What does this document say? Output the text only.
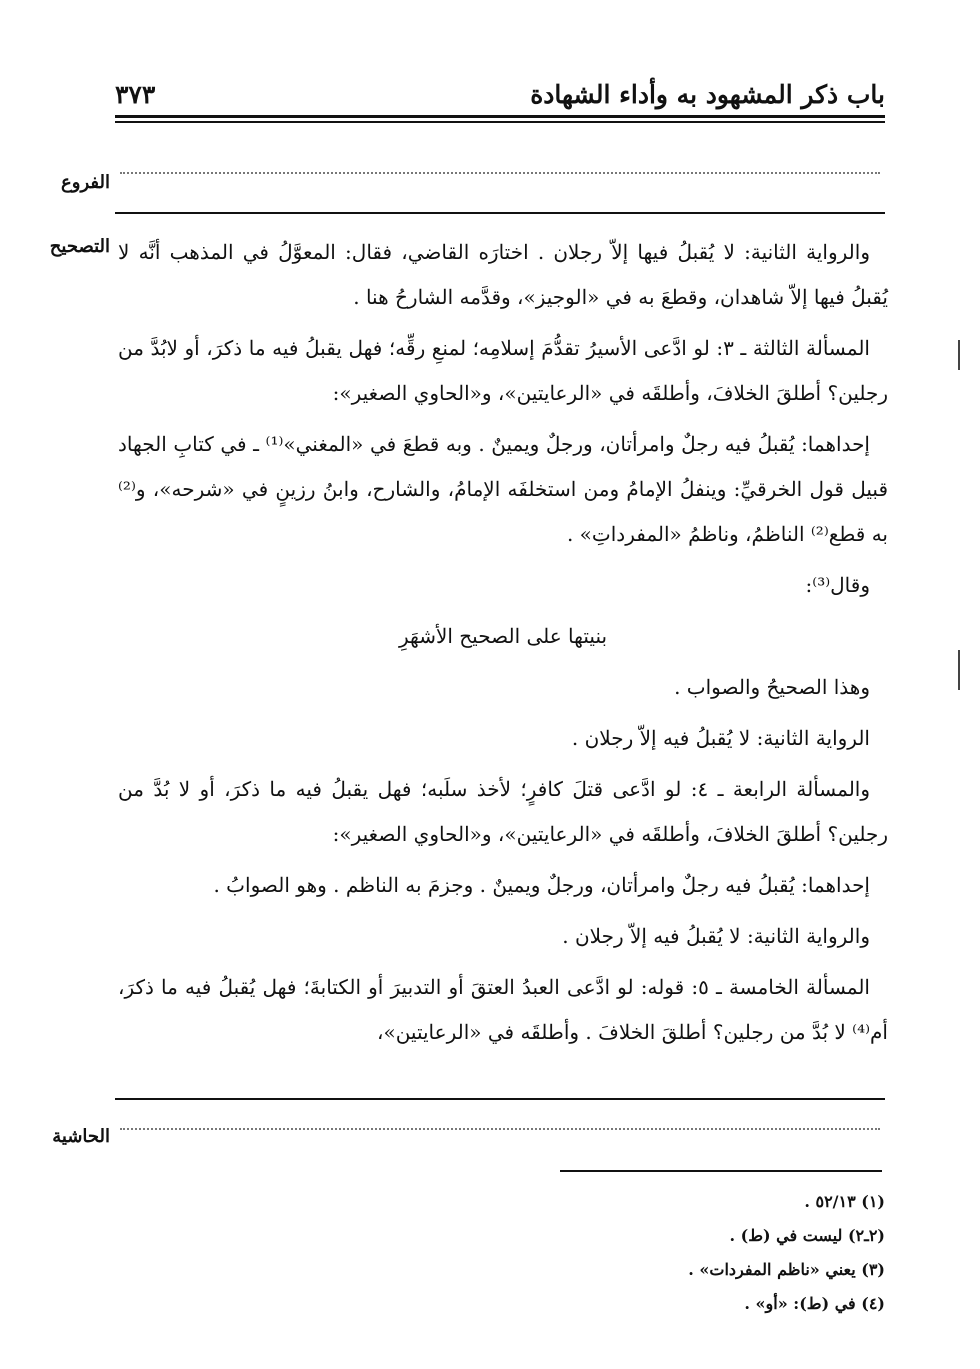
باب ذكر المشهود به وأداء الشهادة
٣٧٣
الفروع
التصحيح والرواية الثانية: لا يُقبلُ فيها إلاّ رجلان . اختارَه القاضي، فقال: المعوَّلُ في المذهب أنَّه لا يُقبلُ فيها إلاّ شاهدان، وقطعَ به في «الوجيز»، وقدَّمه الشارحُ هنا .

المسألة الثالثة ـ ٣: لو ادَّعى الأسيرُ تقدُّمَ إسلامِه؛ لمنعِ رقِّه؛ فهل يقبلُ فيه ما ذكرَ، أو لابُدَّ من رجلين؟ أطلقَ الخلافَ، وأطلقَه في «الرعايتين»، و«الحاوي الصغير»:

إحداهما: يُقبلُ فيه رجلٌ وامرأتان، ورجلٌ ويمينٌ . وبه قطعَ في «المغني»⁽¹⁾ ـ في كتابِ الجهاد قبيل قول الخرقيِّ: وينفلُ الإمامُ ومن استخلفَه الإمامُ، والشارح، وابنُ رزينٍ في «شرحه»، و⁽²⁾به قطع⁽²⁾ الناظمُ، وناظمُ «المفرداتِ» .

وقال⁽³⁾:

بنيتها على الصحيح الأشهَرِ

وهذا الصحيحُ والصواب .

الرواية الثانية: لا يُقبلُ فيه إلاّ رجلان .

والمسألة الرابعة ـ ٤: لو ادَّعى قتلَ كافرٍ؛ لأخذ سلَبه؛ فهل يقبلُ فيه ما ذكرَ، أو لا بُدَّ من رجلين؟ أطلقَ الخلافَ، وأطلقَه في «الرعايتين»، و«الحاوي الصغير»:

إحداهما: يُقبلُ فيه رجلٌ وامرأتان، ورجلٌ ويمينٌ . وجزمَ به الناظم . وهو الصوابُ .

والرواية الثانية: لا يُقبلُ فيه إلاّ رجلان .

المسألة الخامسة ـ ٥: قوله: لو ادَّعى العبدُ العتقَ أو التدبيرَ أو الكتابةَ؛ فهل يُقبلُ فيه ما ذكرَ، أم⁽⁴⁾ لا بُدَّ من رجلين؟ أطلقَ الخلافَ . وأطلقَه في «الرعايتين»،

الحاشية
(١) ٥٢/١٣ .
(٢ـ٢) ليست في (ط) .
(٣) يعني «ناظم المفردات» .
(٤) في (ط): «أو» .
